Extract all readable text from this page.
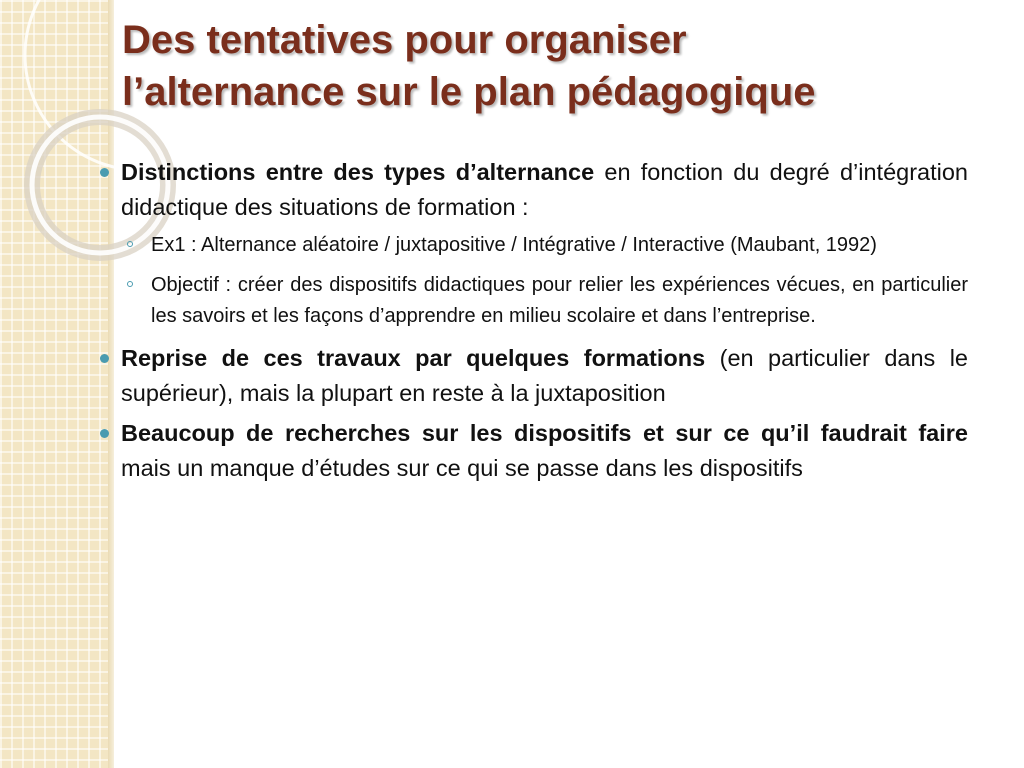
Des tentatives pour organiser
l’alternance sur le plan pédagogique
Distinctions entre des types d’alternance en fonction du degré d’intégration didactique des situations de formation :
Ex1 : Alternance aléatoire / juxtapositive / Intégrative / Interactive (Maubant, 1992)
Objectif : créer des dispositifs didactiques pour relier les expériences vécues, en particulier les savoirs et les façons d’apprendre en milieu scolaire et dans l’entreprise.
Reprise de ces travaux par quelques formations (en particulier dans le supérieur), mais la plupart en reste à la juxtaposition
Beaucoup de recherches sur les dispositifs et sur ce qu’il faudrait faire mais un manque d’études sur ce qui se passe dans les dispositifs
